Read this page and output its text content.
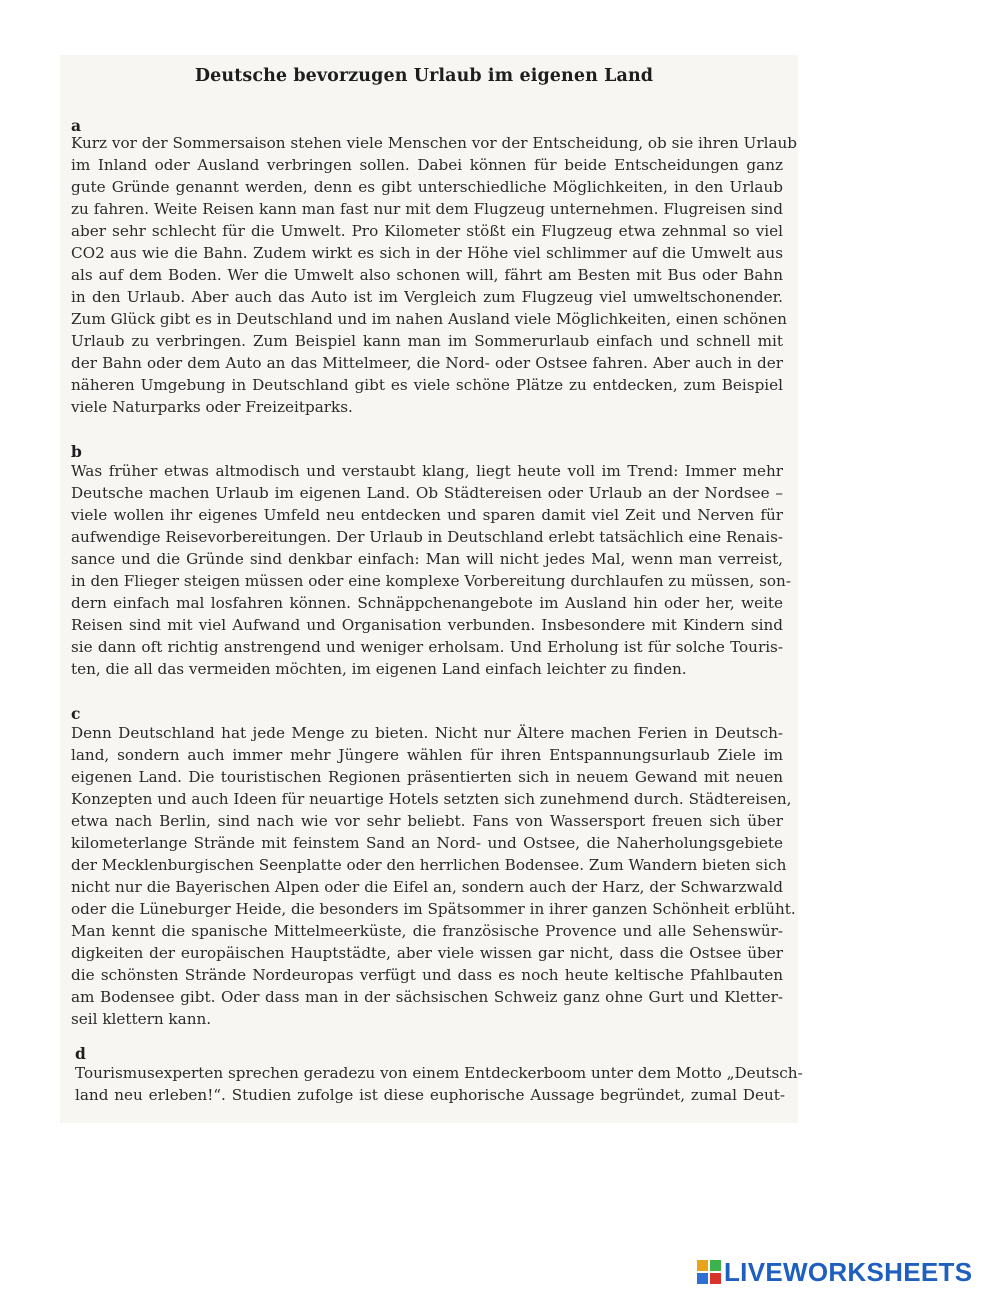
Deutsche bevorzugen Urlaub im eigenen Land
a
Kurz vor der Sommersaison stehen viele Menschen vor der Entscheidung, ob sie ihren Urlaub
im Inland oder Ausland verbringen sollen. Dabei können für beide Entscheidungen ganz
gute Gründe genannt werden, denn es gibt unterschiedliche Möglichkeiten, in den Urlaub
zu fahren. Weite Reisen kann man fast nur mit dem Flugzeug unternehmen. Flugreisen sind
aber sehr schlecht für die Umwelt. Pro Kilometer stößt ein Flugzeug etwa zehnmal so viel
CO2 aus wie die Bahn. Zudem wirkt es sich in der Höhe viel schlimmer auf die Umwelt aus
als auf dem Boden. Wer die Umwelt also schonen will, fährt am Besten mit Bus oder Bahn
in den Urlaub. Aber auch das Auto ist im Vergleich zum Flugzeug viel umweltschonender.
Zum Glück gibt es in Deutschland und im nahen Ausland viele Möglichkeiten, einen schönen
Urlaub zu verbringen. Zum Beispiel kann man im Sommerurlaub einfach und schnell mit
der Bahn oder dem Auto an das Mittelmeer, die Nord- oder Ostsee fahren. Aber auch in der
näheren Umgebung in Deutschland gibt es viele schöne Plätze zu entdecken, zum Beispiel
viele Naturparks oder Freizeitparks.
b
Was früher etwas altmodisch und verstaubt klang, liegt heute voll im Trend: Immer mehr
Deutsche machen Urlaub im eigenen Land. Ob Städtereisen oder Urlaub an der Nordsee –
viele wollen ihr eigenes Umfeld neu entdecken und sparen damit viel Zeit und Nerven für
aufwendige Reisevorbereitungen. Der Urlaub in Deutschland erlebt tatsächlich eine Renais-
sance und die Gründe sind denkbar einfach: Man will nicht jedes Mal, wenn man verreist,
in den Flieger steigen müssen oder eine komplexe Vorbereitung durchlaufen zu müssen, son-
dern einfach mal losfahren können. Schnäppchenangebote im Ausland hin oder her, weite
Reisen sind mit viel Aufwand und Organisation verbunden. Insbesondere mit Kindern sind
sie dann oft richtig anstrengend und weniger erholsam. Und Erholung ist für solche Touris-
ten, die all das vermeiden möchten, im eigenen Land einfach leichter zu finden.
c
Denn Deutschland hat jede Menge zu bieten. Nicht nur Ältere machen Ferien in Deutsch-
land, sondern auch immer mehr Jüngere wählen für ihren Entspannungsurlaub Ziele im
eigenen Land. Die touristischen Regionen präsentierten sich in neuem Gewand mit neuen
Konzepten und auch Ideen für neuartige Hotels setzten sich zunehmend durch. Städtereisen,
etwa nach Berlin, sind nach wie vor sehr beliebt. Fans von Wassersport freuen sich über
kilometerlange Strände mit feinstem Sand an Nord- und Ostsee, die Naherholungsgebiete
der Mecklenburgischen Seenplatte oder den herrlichen Bodensee. Zum Wandern bieten sich
nicht nur die Bayerischen Alpen oder die Eifel an, sondern auch der Harz, der Schwarzwald
oder die Lüneburger Heide, die besonders im Spätsommer in ihrer ganzen Schönheit erblüht.
Man kennt die spanische Mittelmeerküste, die französische Provence und alle Sehenswür-
digkeiten der europäischen Hauptstädte, aber viele wissen gar nicht, dass die Ostsee über
die schönsten Strände Nordeuropas verfügt und dass es noch heute keltische Pfahlbauten
am Bodensee gibt. Oder dass man in der sächsischen Schweiz ganz ohne Gurt und Kletter-
seil klettern kann.
d
Tourismusexperten sprechen geradezu von einem Entdeckerboom unter dem Motto „Deutsch-
land neu erleben!“. Studien zufolge ist diese euphorische Aussage begründet, zumal Deut-
LIVEWORKSHEETS
